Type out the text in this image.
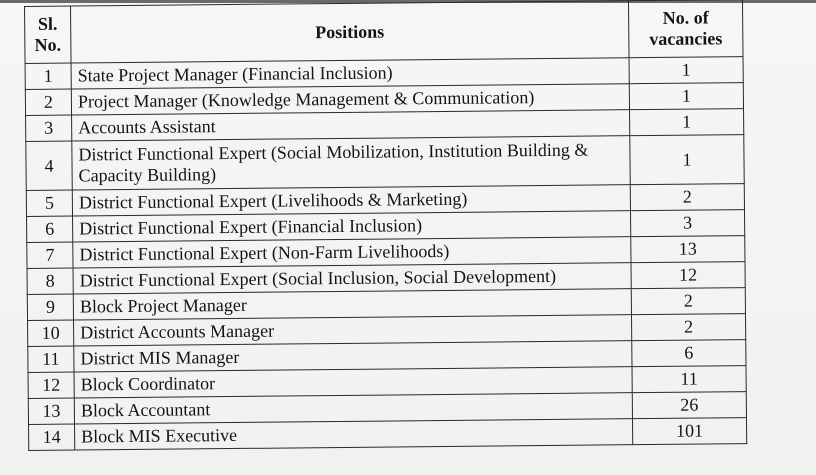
Sl. No.	Positions	No. of vacancies
1	State Project Manager (Financial Inclusion)	1
2	Project Manager (Knowledge Management & Communication)	1
3	Accounts Assistant	1
4	District Functional Expert (Social Mobilization, Institution Building & Capacity Building)	1
5	District Functional Expert (Livelihoods & Marketing)	2
6	District Functional Expert (Financial Inclusion)	3
7	District Functional Expert (Non-Farm Livelihoods)	13
8	District Functional Expert (Social Inclusion, Social Development)	12
9	Block Project Manager	2
10	District Accounts Manager	2
11	District MIS Manager	6
12	Block Coordinator	11
13	Block Accountant	26
14	Block MIS Executive	101
